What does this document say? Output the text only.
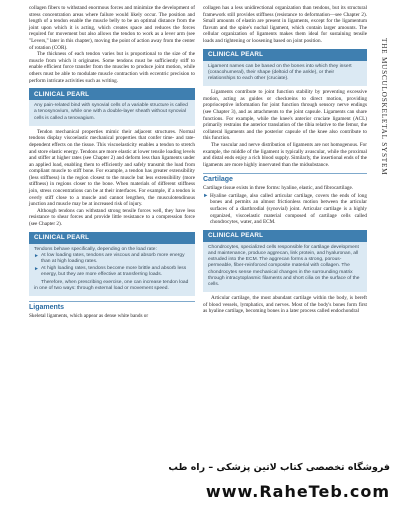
collagen fibers to withstand enormous forces and minimize the development of stress concentration areas where failure would likely occur. The position and length of a tendon enable the muscle belly to be an optimal distance from the joint upon which it is acting, which creates space and reduces the forces required for movement but also allows the tendon to work as a lever arm (see "Levers," later in this chapter), moving the point of action away from the center of rotation (COR).

The thickness of each tendon varies but is proportional to the size of the muscle from which it originates. Some tendons must be sufficiently stiff to enable efficient force transfer from the muscles to produce joint motion, while others must be able to modulate muscle contraction with eccentric precision to perform intricate activities such as writing.

CLINICAL PEARL
Any pain-related bind with synovial cells of a variable structure is called a tenosynovium, while one with a double-layer sheath without synovial cells is called a tenovagium.

Tendon mechanical properties mimic their adjacent structures. Normal tendons display viscoelastic mechanical properties that confer time- and rate-dependent effects on the tissue. This viscoelasticity enables a tendon to stretch and store elastic energy. Tendons are more elastic at lower tensile loading levels and stiffer at higher rates (see Chapter 2) and deform less than ligaments under an applied load, enabling them to efficiently and safely transmit the load from compliant muscle to stiff bone. For example, a tendon has greater extensibility (less stiffness) in the region closest to the muscle but less extensibility (more stiffness) in regions closer to the bone. When materials of different stiffness join, stress concentrations can be at their interfaces. For example, if a tendon is overly stiff close to a muscle and cannot lengthen, the musculotendinous junction and muscle may be at increased risk of injury.

Although tendons can withstand strong tensile forces well, they have less resistance to shear forces and provide little resistance to a compression force (see Chapter 2).

CLINICAL PEARL
Tendons behave specifically, depending on the load rate:
► At low loading rates, tendons are viscous and absorb more energy than at high loading rates.
► At high loading rates, tendons become more brittle and absorb less energy, but they are more effective at transferring loads.
Therefore, when prescribing exercise, one can increase tendon load in one of two ways: through external load or movement speed.
Ligaments

Skeletal ligaments, which appear as dense white bands or

collagen has a less unidirectional organization than tendons, but its structural framework still provides stiffness (resistance to deformation—see Chapter 2). Small amounts of elastin are present in ligaments, except for the ligamentum flavum and the spine's nuchal ligament, which contain larger amounts. The cellular organization of ligaments makes them ideal for sustaining tensile loads and tightening or loosening based on joint position.

CLINICAL PEARL
Ligament names can be based on the bones into which they insert (coracohumeral), their shape (deltoid of the ankle), or their relationships to each other (cruciate).

Ligaments contribute to joint function stability by preventing excessive motion, acting as guides or checkreins to direct motion, providing proprioceptive information for joint function through sensory nerve endings (see Chapter 3), and as attachments to the joint capsule. Ligaments can share functions. For example, while the knee's anterior cruciate ligament (ACL) primarily restrains the anterior translation of the tibia relative to the femur, the collateral ligaments and the posterior capsule of the knee also contribute to this function.

The vascular and nerve distribution of ligaments are not homogenous. For example, the middle of the ligament is typically avascular, while the proximal and distal ends enjoy a rich blood supply. Similarly, the insertional ends of the ligaments are more highly innervated than the midsubstance.

Cartilage

Cartilage tissue exists in three forms: hyaline, elastic, and fibrocartilage.

► Hyaline cartilage, also called articular cartilage, covers the ends of long bones and permits an almost frictionless motion between the articular surfaces of a diarthrodial (synovial) joint. Articular cartilage is a highly organized, viscoelastic material composed of cartilage cells called chondrocytes, water, and ECM.
CLINICAL PEARL
Chondrocytes, specialized cells responsible for cartilage development and maintenance, produce aggrecan, link protein, and hyaluronan, all extruded into the ECM. The aggrecan forms a strong, porous-permeable, fiber-reinforced composite material with collagen. The chondrocytes sense mechanical changes in the surrounding matrix through intracytoplasmic filaments and short cilia on the surface of the cells.

Articular cartilage, the most abundant cartilage within the body, is bereft of blood vessels, lymphatics, and nerves. Most of the body's bones form first as hyaline cartilage, becoming bones in a later process called endochondral

THE MUSCULOSKELETAL SYSTEM
فروشگاه تخصصی کتاب لاتین پزشکی – راه طب
www.RaheTeb.com
